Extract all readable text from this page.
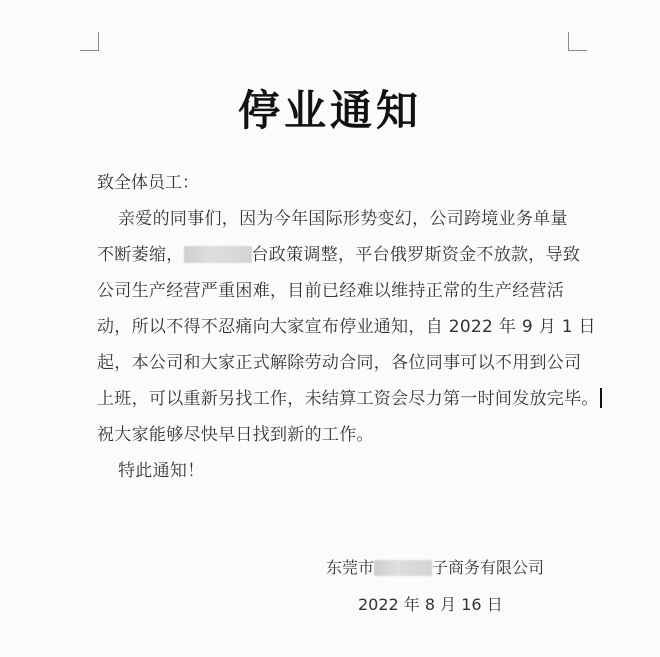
停业通知
致全体员工：
亲爱的同事们，因为今年国际形势变幻，公司跨境业务单量
不断萎缩，	台政策调整，平台俄罗斯资金不放款，导致
公司生产经营严重困难，目前已经难以维持正常的生产经营活
动，所以不得不忍痛向大家宣布停业通知，自 2022 年 9 月 1 日
起，本公司和大家正式解除劳动合同，各位同事可以不用到公司
上班，可以重新另找工作，未结算工资会尽力第一时间发放完毕。
祝大家能够尽快早日找到新的工作。
特此通知！
东莞市	子商务有限公司
2022 年 8 月 16 日
